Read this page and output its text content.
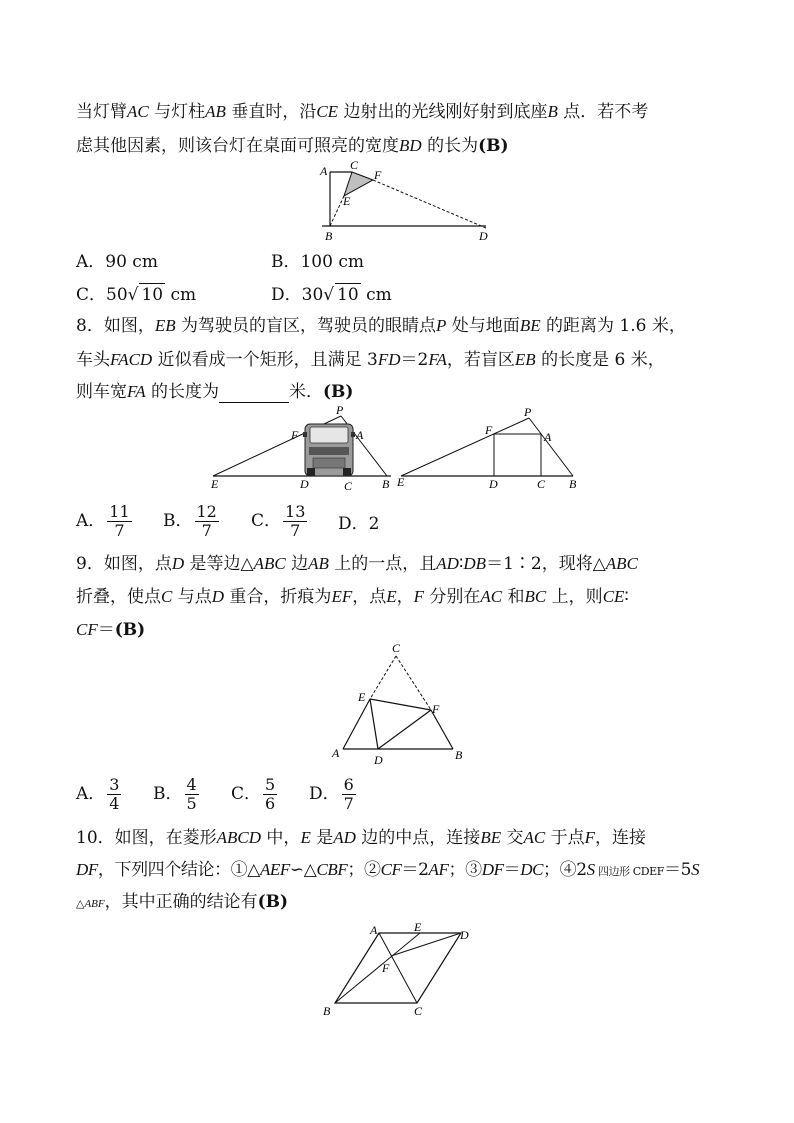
当灯臂AC 与灯柱AB 垂直时，沿CE 边射出的光线刚好射到底座B 点．若不考
虑其他因素，则该台灯在桌面可照亮的宽度BD 的长为(B)
A C
F
E
B	D
A．90 cm	B．100 cm
C．50√ 10 cm	D．30√ 10 cm
8．如图，EB 为驾驶员的盲区，驾驶员的眼睛点P 处与地面BE 的距离为 1.6 米，
车头FACD 近似看成一个矩形，且满足 3FD＝2FA，若盲区EB 的长度是 6 米，
则车宽FA 的长度为	米．(B)
P
F	A
E	D	C B
P
F	A
E	D	C B
A． $\frac{11}{7}$ B． $\frac{12}{7}$ C． $\frac{13}{7}$ D．2
9．如图，点D 是等边△ABC 边AB 上的一点，且AD∶DB＝1∶2，现将△ABC
折叠，使点C 与点D 重合，折痕为EF，点E，F 分别在AC 和BC 上，则CE∶
CF＝(B)
C
E
F
A	D	B
A． $\frac{3}{4}$ B． $\frac{4}{5}$ C． $\frac{5}{6}$ D． $\frac{6}{7}$
10．如图，在菱形ABCD 中，E 是AD 边的中点，连接BE 交AC 于点F，连接
DF，下列四个结论：①△AEF∽△CBF；②CF＝2AF；③DF＝DC；④2S 四边形 CDEF＝5S
△ABF，其中正确的结论有(B)
A	E
D
F
B	C
